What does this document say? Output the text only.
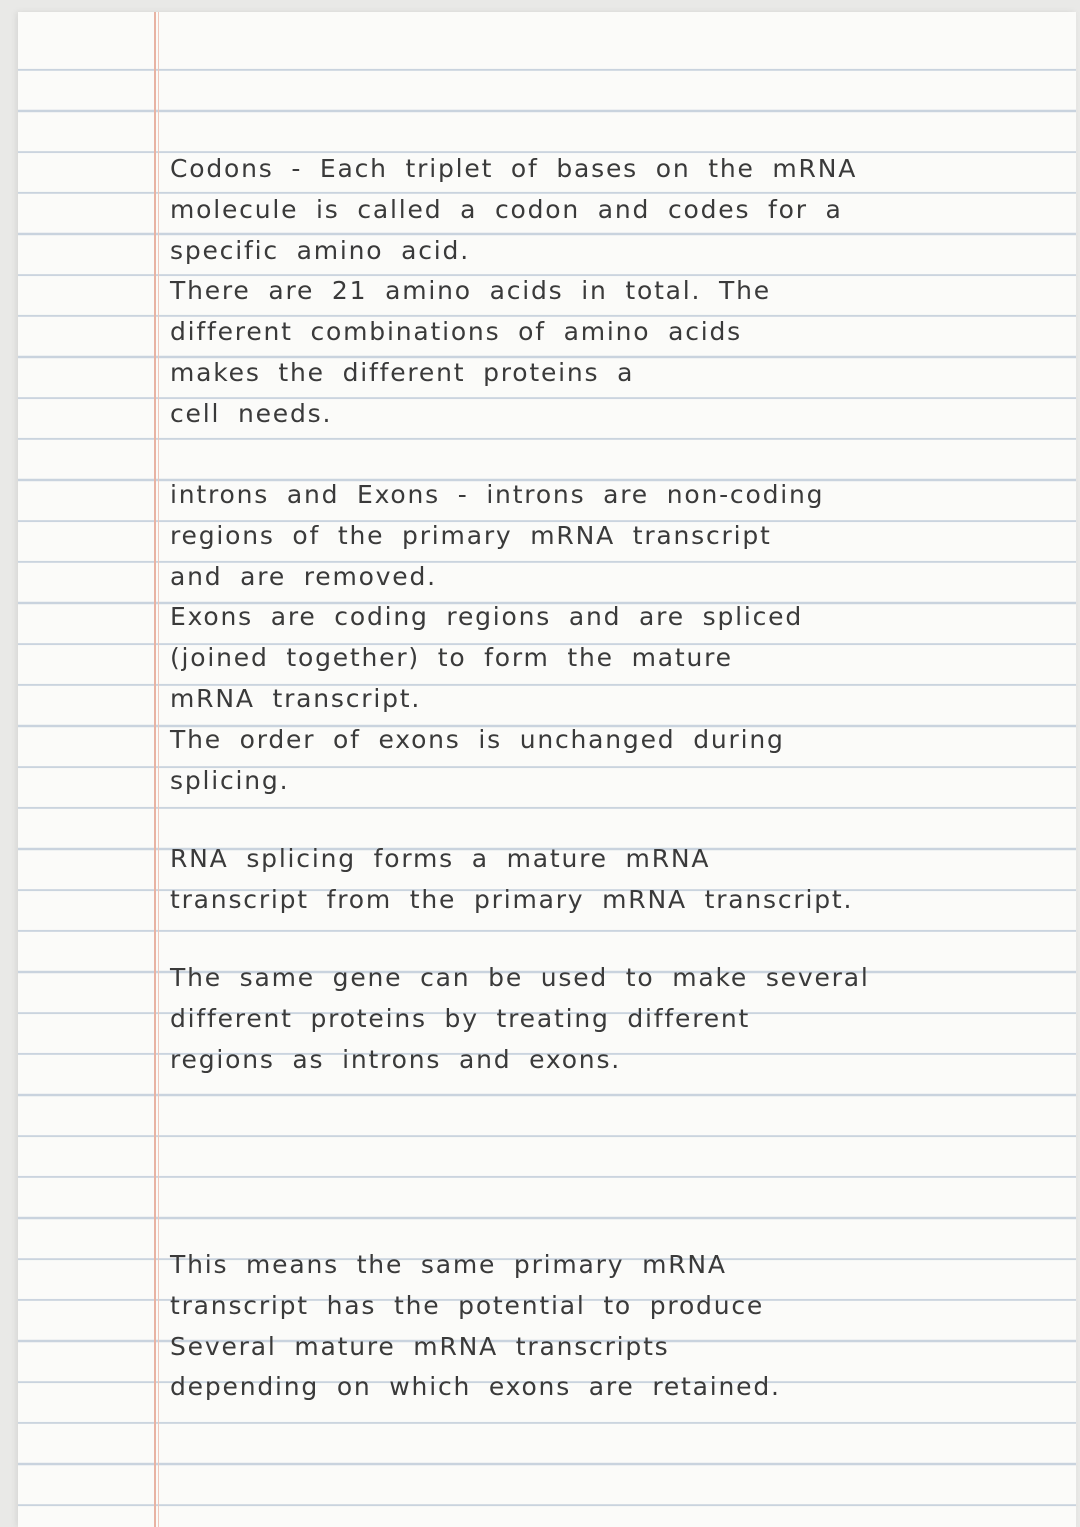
Codons - Each triplet of bases on the mRNA
molecule is called a codon and codes for a
specific amino acid.
There are 21 amino acids in total. The
different combinations of amino acids
makes the different proteins a
cell needs.
introns and Exons - introns are non-coding
regions of the primary mRNA transcript
and are removed.
Exons are coding regions and are spliced
(joined together) to form the mature
mRNA transcript.
The order of exons is unchanged during
splicing.
RNA splicing forms a mature mRNA
transcript from the primary mRNA transcript.
The same gene can be used to make several
different proteins by treating different
regions as introns and exons.
This means the same primary mRNA
transcript has the potential to produce
Several mature mRNA transcripts
depending on which exons are retained.
